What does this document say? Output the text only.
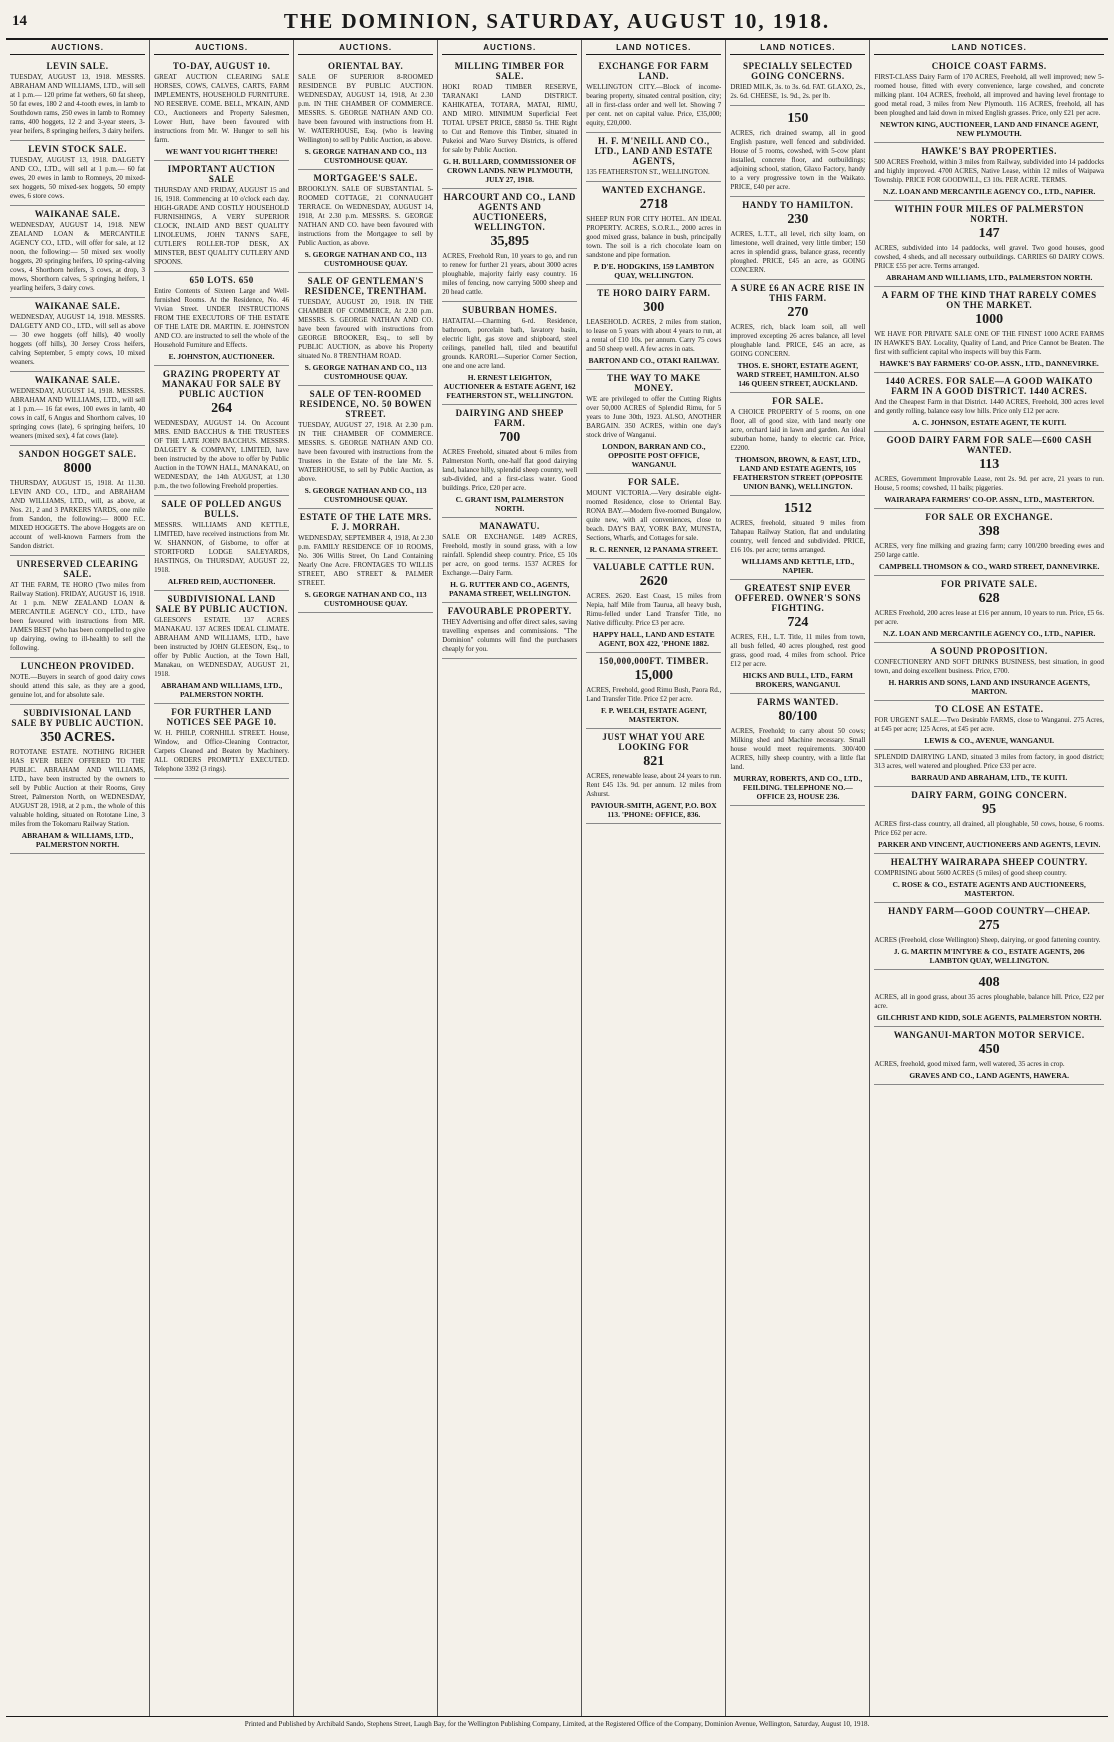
14	THE DOMINION, SATURDAY, AUGUST 10, 1918.
AUCTIONS.
LEVIN SALE.

TUESDAY, AUGUST 13, 1918. MESSRS. ABRAHAM AND WILLIAMS, LTD., will sell at 1 p.m.— 120 prime fat wethers, 60 fat sheep, 50 fat ewes, 180 2 and 4-tooth ewes, in lamb to Southdown rams, 250 ewes in lamb to Romney rams, 400 hoggets, 12 2 and 3-year steers, 3-year heifers, 8 springing heifers, 3 dairy heifers.

LEVIN STOCK SALE.

TUESDAY, AUGUST 13, 1918. DALGETY AND CO., LTD., will sell at 1 p.m.— 60 fat ewes, 20 ewes in lamb to Romneys, 20 mixed-sex hoggets, 50 mixed-sex hoggets, 50 empty ewes, 6 store cows.

WAIKANAE SALE.

WEDNESDAY, AUGUST 14, 1918. NEW ZEALAND LOAN & MERCANTILE AGENCY CO., LTD., will offer for sale, at 12 noon, the following:— 50 mixed sex woolly hoggets, 20 springing heifers, 10 spring-calving cows, 4 Shorthorn heifers, 3 cows, at drop, 3 mows, Shorthorn calves, 5 springing heifers, 1 yearling heifers, 3 dairy cows.

WAIKANAE SALE.

WEDNESDAY, AUGUST 14, 1918. MESSRS. DALGETY AND CO., LTD., will sell as above— 30 ewe hoggets (off hills), 40 woolly hoggets (off hills), 30 Jersey Cross heifers, calving September, 5 empty cows, 10 mixed weaners.

WAIKANAE SALE.

WEDNESDAY, AUGUST 14, 1918. MESSRS. ABRAHAM AND WILLIAMS, LTD., will sell at 1 p.m.— 16 fat ewes, 100 ewes in lamb, 40 cows in calf, 6 Angus and Shorthorn calves, 10 springing cows (late), 6 springing heifers, 10 weaners (mixed sex), 4 fat cows (late).

SANDON HOGGET SALE.
8000

THURSDAY, AUGUST 15, 1918. At 11.30. LEVIN AND CO., LTD., and ABRAHAM AND WILLIAMS, LTD., will, as above, at Nos. 21, 2 and 3 PARKERS YARDS, one mile from Sandon, the following:— 8000 F.C. MIXED HOGGETS. The above Hoggets are on account of well-known Farmers from the Sandon district.

UNRESERVED CLEARING SALE.

AT THE FARM, TE HORO (Two miles from Railway Station). FRIDAY, AUGUST 16, 1918. At 1 p.m. NEW ZEALAND LOAN & MERCANTILE AGENCY CO., LTD., have been favoured with instructions from MR. JAMES BEST (who has been compelled to give up dairying, owing to ill-health) to sell the following.

LUNCHEON PROVIDED.

NOTE.—Buyers in search of good dairy cows should attend this sale, as they are a good, genuine lot, and for absolute sale.

SUBDIVISIONAL LAND SALE BY PUBLIC AUCTION.
350 ACRES.

ROTOTANE ESTATE. NOTHING RICHER HAS EVER BEEN OFFERED TO THE PUBLIC. ABRAHAM AND WILLIAMS, LTD., have been instructed by the owners to sell by Public Auction at their Rooms, Grey Street, Palmerston North, on WEDNESDAY, AUGUST 28, 1918, at 2 p.m., the whole of this valuable holding, situated on Rototane Line, 3 miles from the Tokomaru Railway Station.

ABRAHAM & WILLIAMS, LTD., PALMERSTON NORTH.
AUCTIONS.
TO-DAY, AUGUST 10.

GREAT AUCTION CLEARING SALE HORSES, COWS, CALVES, CARTS, FARM IMPLEMENTS, HOUSEHOLD FURNITURE. NO RESERVE. COME. BELL, M'KAIN, AND CO., Auctioneers and Property Salesmen, Lower Hutt, have been favoured with instructions from Mr. W. Hunger to sell his farm.

WE WANT YOU RIGHT THERE!
IMPORTANT AUCTION SALE

THURSDAY AND FRIDAY, AUGUST 15 and 16, 1918. Commencing at 10 o'clock each day. HIGH-GRADE AND COSTLY HOUSEHOLD FURNISHINGS, A VERY SUPERIOR CLOCK, INLAID AND BEST QUALITY LINOLEUMS, JOHN TANN'S SAFE, CUTLER'S ROLLER-TOP DESK, AX MINSTER, BEST QUALITY CUTLERY AND SPOONS.

650 LOTS. 650

Entire Contents of Sixteen Large and Well-furnished Rooms. At the Residence, No. 46 Vivian Street. UNDER INSTRUCTIONS FROM THE EXECUTORS OF THE ESTATE OF THE LATE DR. MARTIN. E. JOHNSTON AND CO. are instructed to sell the whole of the Household Furniture and Effects.

E. JOHNSTON, AUCTIONEER.
GRAZING PROPERTY AT MANAKAU FOR SALE BY PUBLIC AUCTION
264

WEDNESDAY, AUGUST 14. On Account MRS. ENID BACCHUS & THE TRUSTEES OF THE LATE JOHN BACCHUS. MESSRS. DALGETY & COMPANY, LIMITED, have been instructed by the above to offer by Public Auction in the TOWN HALL, MANAKAU, on WEDNESDAY, the 14th AUGUST, at 1.30 p.m., the two following Freehold properties.

SALE OF POLLED ANGUS BULLS.

MESSRS. WILLIAMS AND KETTLE, LIMITED, have received instructions from Mr. W. SHANNON, of Gisborne, to offer at STORTFORD LODGE SALEYARDS, HASTINGS, On THURSDAY, AUGUST 22, 1918.

ALFRED REID, AUCTIONEER.
SUBDIVISIONAL LAND SALE BY PUBLIC AUCTION.

GLEESON'S ESTATE. 137 ACRES MANAKAU. 137 ACRES IDEAL CLIMATE. ABRAHAM AND WILLIAMS, LTD., have been instructed by JOHN GLEESON, Esq., to offer by Public Auction, at the Town Hall, Manakau, on WEDNESDAY, AUGUST 21, 1918.

ABRAHAM AND WILLIAMS, LTD., PALMERSTON NORTH.
FOR FURTHER LAND NOTICES SEE PAGE 10.

W. H. PHILP, CORNHILL STREET. House, Window, and Office-Cleaning Contractor, Carpets Cleaned and Beaten by Machinery. ALL ORDERS PROMPTLY EXECUTED. Telephone 3392 (3 rings).

AUCTIONS.
ORIENTAL BAY.

SALE OF SUPERIOR 8-ROOMED RESIDENCE BY PUBLIC AUCTION. WEDNESDAY, AUGUST 14, 1918, At 2.30 p.m. IN THE CHAMBER OF COMMERCE. MESSRS. S. GEORGE NATHAN AND CO. have been favoured with instructions from H. W. WATERHOUSE, Esq. (who is leaving Wellington) to sell by Public Auction, as above.

S. GEORGE NATHAN AND CO., 113 CUSTOMHOUSE QUAY.
MORTGAGEE'S SALE.

BROOKLYN. SALE OF SUBSTANTIAL 5-ROOMED COTTAGE, 21 CONNAUGHT TERRACE. On WEDNESDAY, AUGUST 14, 1918, At 2.30 p.m. MESSRS. S. GEORGE NATHAN AND CO. have been favoured with instructions from the Mortgagee to sell by Public Auction, as above.

S. GEORGE NATHAN AND CO., 113 CUSTOMHOUSE QUAY.
SALE OF GENTLEMAN'S RESIDENCE, TRENTHAM.

TUESDAY, AUGUST 20, 1918. IN THE CHAMBER OF COMMERCE, At 2.30 p.m. MESSRS. S. GEORGE NATHAN AND CO. have been favoured with instructions from GEORGE BROOKER, Esq., to sell by PUBLIC AUCTION, as above his Property situated No. 8 TRENTHAM ROAD.

S. GEORGE NATHAN AND CO., 113 CUSTOMHOUSE QUAY.
SALE OF TEN-ROOMED RESIDENCE, NO. 50 BOWEN STREET.

TUESDAY, AUGUST 27, 1918. At 2.30 p.m. IN THE CHAMBER OF COMMERCE. MESSRS. S. GEORGE NATHAN AND CO. have been favoured with instructions from the Trustees in the Estate of the late Mr. S. WATERHOUSE, to sell by Public Auction, as above.

S. GEORGE NATHAN AND CO., 113 CUSTOMHOUSE QUAY.
ESTATE OF THE LATE MRS. F. J. MORRAH.

WEDNESDAY, SEPTEMBER 4, 1918, At 2.30 p.m. FAMILY RESIDENCE OF 10 ROOMS, No. 306 Willis Street, On Land Containing Nearly One Acre. FRONTAGES TO WILLIS STREET, ABO STREET & PALMER STREET.

S. GEORGE NATHAN AND CO., 113 CUSTOMHOUSE QUAY.
AUCTIONS.
MILLING TIMBER FOR SALE.

HOKI ROAD TIMBER RESERVE, TARANAKI LAND DISTRICT. KAHIKATEA, TOTARA, MATAI, RIMU, AND MIRO. MINIMUM Superficial Feet TOTAL UPSET PRICE, £8850 5s. THE Right to Cut and Remove this Timber, situated in Pukeioi and Waro Survey Districts, is offered for sale by Public Auction.

G. H. BULLARD, COMMISSIONER OF CROWN LANDS. NEW PLYMOUTH, JULY 27, 1918.
HARCOURT AND CO., LAND AGENTS AND AUCTIONEERS, WELLINGTON.
35,895

ACRES, Freehold Run, 10 years to go, and run to renew for further 21 years, about 3000 acres ploughable, majority fairly easy country. 16 miles of fencing, now carrying 5000 sheep and 20 head cattle.

SUBURBAN HOMES.

HATAITAI.—Charming 6-rd. Residence, bathroom, porcelain bath, lavatory basin, electric light, gas stove and shipboard, steel ceilings, panelled hall, tiled and beautiful grounds. KARORI.—Superior Corner Section, one and one acre land.

H. ERNEST LEIGHTON, AUCTIONEER & ESTATE AGENT, 162 FEATHERSTON ST., WELLINGTON.
DAIRYING AND SHEEP FARM.
700

ACRES Freehold, situated about 6 miles from Palmerston North, one-half flat good dairying land, balance hilly, splendid sheep country, well sub-divided, and a first-class water. Good buildings. Price, £20 per acre.

C. GRANT ISM, PALMERSTON NORTH.
MANAWATU.

SALE OR EXCHANGE. 1489 ACRES, Freehold, mostly in sound grass, with a low rainfall. Splendid sheep country. Price, £5 10s per acre, on good terms. 1537 ACRES for Exchange.—Dairy Farm.

H. G. RUTTER AND CO., AGENTS, PANAMA STREET, WELLINGTON.
FAVOURABLE PROPERTY.

THEY Advertising and offer direct sales, saving travelling expenses and commissions. "The Dominion" columns will find the purchasers cheaply for you.

LAND NOTICES.
EXCHANGE FOR FARM LAND.

WELLINGTON CITY.—Block of income-bearing property, situated central position, city; all in first-class order and well let. Showing 7 per cent. net on capital value. Price, £35,000; equity, £20,000.

H. F. M'NEILL AND CO., LTD., LAND AND ESTATE AGENTS,

135 FEATHERSTON ST., WELLINGTON.

WANTED EXCHANGE.
2718

SHEEP RUN FOR CITY HOTEL. AN IDEAL PROPERTY. ACRES, S.O.R.L., 2000 acres in good mixed grass, balance in bush, principally town. The soil is a rich chocolate loam on sandstone and pipe formation.

P. D'E. HODGKINS, 159 LAMBTON QUAY, WELLINGTON.
TE HORO DAIRY FARM.
300

LEASEHOLD. ACRES, 2 miles from station, to lease on 5 years with about 4 years to run, at a rental of £10 10s. per annum. Carry 75 cows and 50 sheep well. A few acres in oats.

BARTON AND CO., OTAKI RAILWAY.
THE WAY TO MAKE MONEY.

WE are privileged to offer the Cutting Rights over 50,000 ACRES of Splendid Rimu, for 5 years to June 30th, 1923. ALSO, ANOTHER BARGAIN. 350 ACRES, within one day's stock drive of Wanganui.

LONDON, BARRAN AND CO., OPPOSITE POST OFFICE, WANGANUI.
FOR SALE.

MOUNT VICTORIA.—Very desirable eight-roomed Residence, close to Oriental Bay. RONA BAY.—Modern five-roomed Bungalow, quite new, with all conveniences, close to beach. DAY'S BAY, YORK BAY, MUNSTA, Sections, Wharfs, and Cottages for sale.

R. C. RENNER, 12 PANAMA STREET.
VALUABLE CATTLE RUN.
2620

ACRES. 2620. East Coast, 15 miles from Nepia, half Mile from Taurua, all heavy bush, Rimu-felled under Land Transfer Title, no Native difficulty. Price £3 per acre.

HAPPY HALL, LAND AND ESTATE AGENT, BOX 422, 'PHONE 1882.
150,000,000FT. TIMBER.
15,000

ACRES, Freehold, good Rimu Bush, Paora Rd., Land Transfer Title. Price £2 per acre.

F. P. WELCH, ESTATE AGENT, MASTERTON.
JUST WHAT YOU ARE LOOKING FOR
821

ACRES, renewable lease, about 24 years to run. Rent £45 13s. 9d. per annum. 12 miles from Ashurst.

PAVIOUR-SMITH, AGENT, P.O. BOX 113. 'PHONE: OFFICE, 836.
LAND NOTICES.
SPECIALLY SELECTED GOING CONCERNS.

DRIED MILK, 3s. to 3s. 6d. FAT. GLAXO, 2s., 2s. 6d. CHEESE, 1s. 9d., 2s. per lb.

150

ACRES, rich drained swamp, all in good English pasture, well fenced and subdivided. House of 5 rooms, cowshed, with 5-cow plant installed, concrete floor, and outbuildings; adjoining school, station, Glaxo Factory, handy to a very progressive town in the Waikato. PRICE, £40 per acre.

HANDY TO HAMILTON.
230

ACRES, L.T.T., all level, rich silty loam, on limestone, well drained, very little timber; 150 acres in splendid grass, balance grass, recently ploughed. PRICE, £45 an acre, as GOING CONCERN.

A SURE £6 AN ACRE RISE IN THIS FARM.
270

ACRES, rich, black loam soil, all well improved excepting 26 acres balance, all level ploughable land. PRICE, £45 an acre, as GOING CONCERN.

THOS. E. SHORT, ESTATE AGENT, WARD STREET, HAMILTON. ALSO 146 QUEEN STREET, AUCKLAND.
FOR SALE.

A CHOICE PROPERTY of 5 rooms, on one floor, all of good size, with land nearly one acre, orchard laid in lawn and garden. An ideal suburban home, handy to electric car. Price, £2200.

THOMSON, BROWN, & EAST, LTD., LAND AND ESTATE AGENTS, 105 FEATHERSTON STREET (OPPOSITE UNION BANK), WELLINGTON.
1512

ACRES, freehold, situated 9 miles from Tahapau Railway Station, flat and undulating country, well fenced and subdivided. PRICE, £16 10s. per acre; terms arranged.

WILLIAMS AND KETTLE, LTD., NAPIER.
GREATEST SNIP EVER OFFERED. OWNER'S SONS FIGHTING.
724

ACRES, F.H., L.T. Title, 11 miles from town, all bush felled, 40 acres ploughed, rest good grass, good road, 4 miles from school. Price £12 per acre.

HICKS AND BULL, LTD., FARM BROKERS, WANGANUI.
FARMS WANTED.
80/100

ACRES, Freehold; to carry about 50 cows; Milking shed and Machine necessary. Small house would meet requirements. 300/400 ACRES, hilly sheep country, with a little flat land.

MURRAY, ROBERTS, AND CO., LTD., FEILDING. TELEPHONE NO.—OFFICE 23, HOUSE 236.
LAND NOTICES.
CHOICE COAST FARMS.

FIRST-CLASS Dairy Farm of 170 ACRES, Freehold, all well improved; new 5-roomed house, fitted with every convenience, large cowshed, and concrete milking plant. 104 ACRES, freehold, all improved and having level frontage to good metal road, 3 miles from New Plymouth. 116 ACRES, freehold, all has been ploughed and laid down in mixed English grasses. Price, only £21 per acre.

NEWTON KING, AUCTIONEER, LAND AND FINANCE AGENT, NEW PLYMOUTH.
HAWKE'S BAY PROPERTIES.

500 ACRES Freehold, within 3 miles from Railway, subdivided into 14 paddocks and highly improved. 4700 ACRES, Native Lease, within 12 miles of Waipawa Township. PRICE FOR GOODWILL, £3 10s. PER ACRE. TERMS.

N.Z. LOAN AND MERCANTILE AGENCY CO., LTD., NAPIER.
WITHIN FOUR MILES OF PALMERSTON NORTH.
147

ACRES, subdivided into 14 paddocks, well gravel. Two good houses, good cowshed, 4 sheds, and all necessary outbuildings. CARRIES 60 DAIRY COWS. PRICE £55 per acre. Terms arranged.

ABRAHAM AND WILLIAMS, LTD., PALMERSTON NORTH.
A FARM OF THE KIND THAT RARELY COMES ON THE MARKET.
1000

WE HAVE FOR PRIVATE SALE ONE OF THE FINEST 1000 ACRE FARMS IN HAWKE'S BAY. Locality, Quality of Land, and Price Cannot be Beaten. The first with sufficient capital who inspects will buy this Farm.

HAWKE'S BAY FARMERS' CO-OP. ASSN., LTD., DANNEVIRKE.
1440 ACRES. FOR SALE—A GOOD WAIKATO FARM IN A GOOD DISTRICT. 1440 ACRES.

And the Cheapest Farm in that District. 1440 ACRES, Freehold, 300 acres level and gently rolling, balance easy low hills. Price only £12 per acre.

A. C. JOHNSON, ESTATE AGENT, TE KUITI.
GOOD DAIRY FARM FOR SALE—£600 CASH WANTED.
113

ACRES, Government Improvable Lease, rent 2s. 9d. per acre, 21 years to run. House, 5 rooms; cowshed, 11 bails; piggeries.

WAIRARAPA FARMERS' CO-OP. ASSN., LTD., MASTERTON.
FOR SALE OR EXCHANGE.
398

ACRES, very fine milking and grazing farm; carry 100/200 breeding ewes and 250 large cattle.

CAMPBELL THOMSON & CO., WARD STREET, DANNEVIRKE.
FOR PRIVATE SALE.
628

ACRES Freehold, 200 acres lease at £16 per annum, 10 years to run. Price, £5 6s. per acre.

N.Z. LOAN AND MERCANTILE AGENCY CO., LTD., NAPIER.
A SOUND PROPOSITION.

CONFECTIONERY AND SOFT DRINKS BUSINESS, best situation, in good town, and doing excellent business. Price, £700.

H. HARRIS AND SONS, LAND AND INSURANCE AGENTS, MARTON.
TO CLOSE AN ESTATE.

FOR URGENT SALE.—Two Desirable FARMS, close to Wanganui. 275 Acres, at £45 per acre; 125 Acres, at £45 per acre.

LEWIS & CO., AVENUE, WANGANUI.

SPLENDID DAIRYING LAND, situated 3 miles from factory, in good district; 313 acres, well watered and ploughed. Price £33 per acre.

BARRAUD AND ABRAHAM, LTD., TE KUITI.
DAIRY FARM, GOING CONCERN.
95

ACRES first-class country, all drained, all ploughable, 50 cows, house, 6 rooms. Price £62 per acre.

PARKER AND VINCENT, AUCTIONEERS AND AGENTS, LEVIN.
HEALTHY WAIRARAPA SHEEP COUNTRY.

COMPRISING about 5600 ACRES (5 miles) of good sheep country.

C. ROSE & CO., ESTATE AGENTS AND AUCTIONEERS, MASTERTON.
HANDY FARM—GOOD COUNTRY—CHEAP.
275

ACRES (Freehold, close Wellington) Sheep, dairying, or good fattening country.

J. G. MARTIN M'INTYRE & CO., ESTATE AGENTS, 206 LAMBTON QUAY, WELLINGTON.
408

ACRES, all in good grass, about 35 acres ploughable, balance hill. Price, £22 per acre.

GILCHRIST AND KIDD, SOLE AGENTS, PALMERSTON NORTH.
WANGANUI-MARTON MOTOR SERVICE.
450

ACRES, freehold, good mixed farm, well watered, 35 acres in crop.

GRAVES AND CO., LAND AGENTS, HAWERA.
Printed and Published by Archibald Sando, Stephens Street, Laugh Bay, for the Wellington Publishing Company, Limited, at the Registered Office of the Company, Dominion Avenue, Wellington, Saturday, August 10, 1918.
